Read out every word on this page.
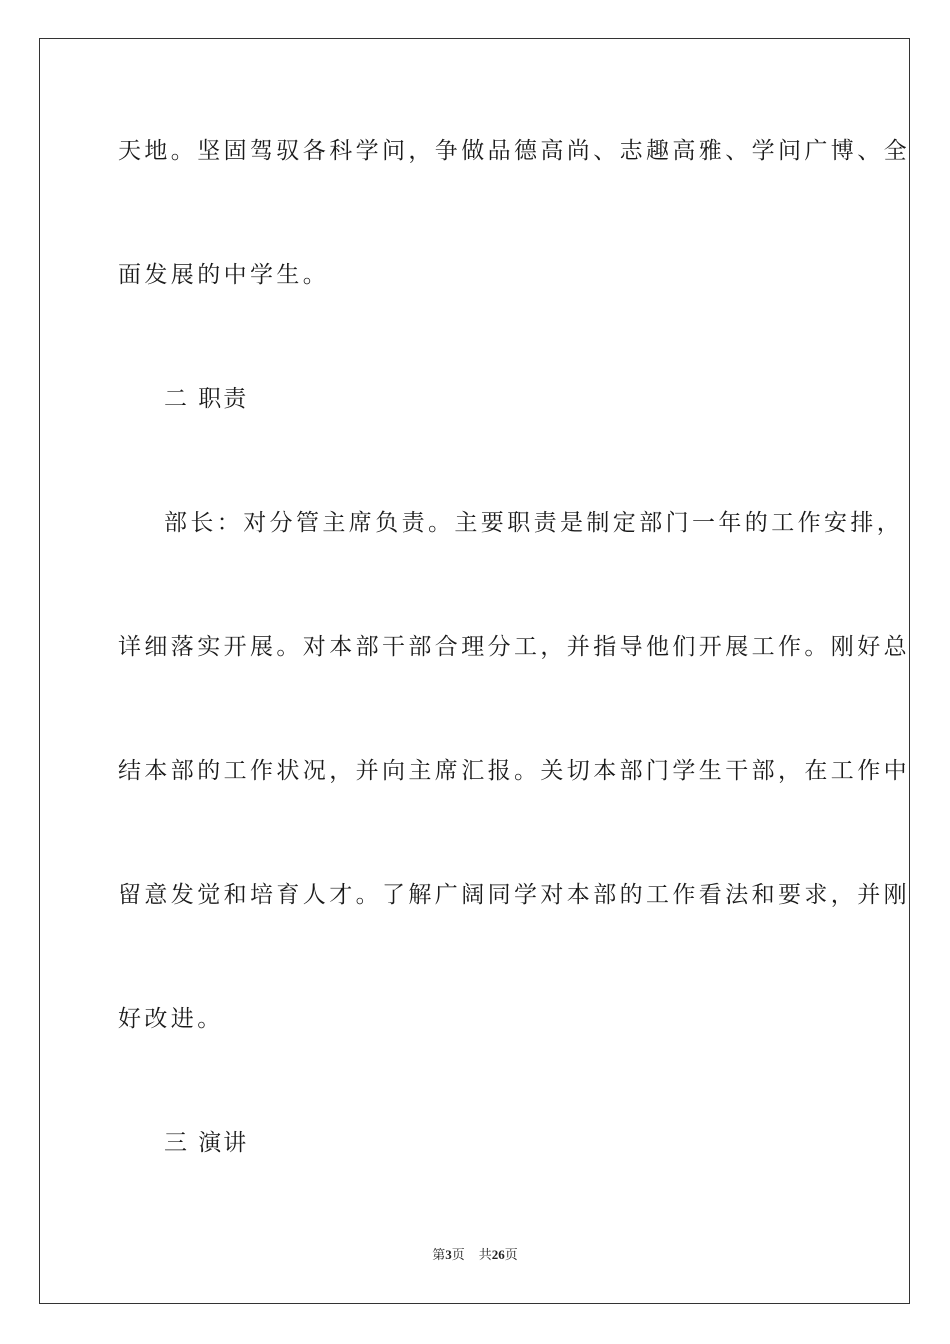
天地。坚固驾驭各科学问，争做品德高尚、志趣高雅、学问广博、全
面发展的中学生。
二 职责
部长：对分管主席负责。主要职责是制定部门一年的工作安排，
详细落实开展。对本部干部合理分工，并指导他们开展工作。刚好总
结本部的工作状况，并向主席汇报。关切本部门学生干部，在工作中
留意发觉和培育人才。了解广阔同学对本部的工作看法和要求，并刚
好改进。
三 演讲
第3页 共26页
